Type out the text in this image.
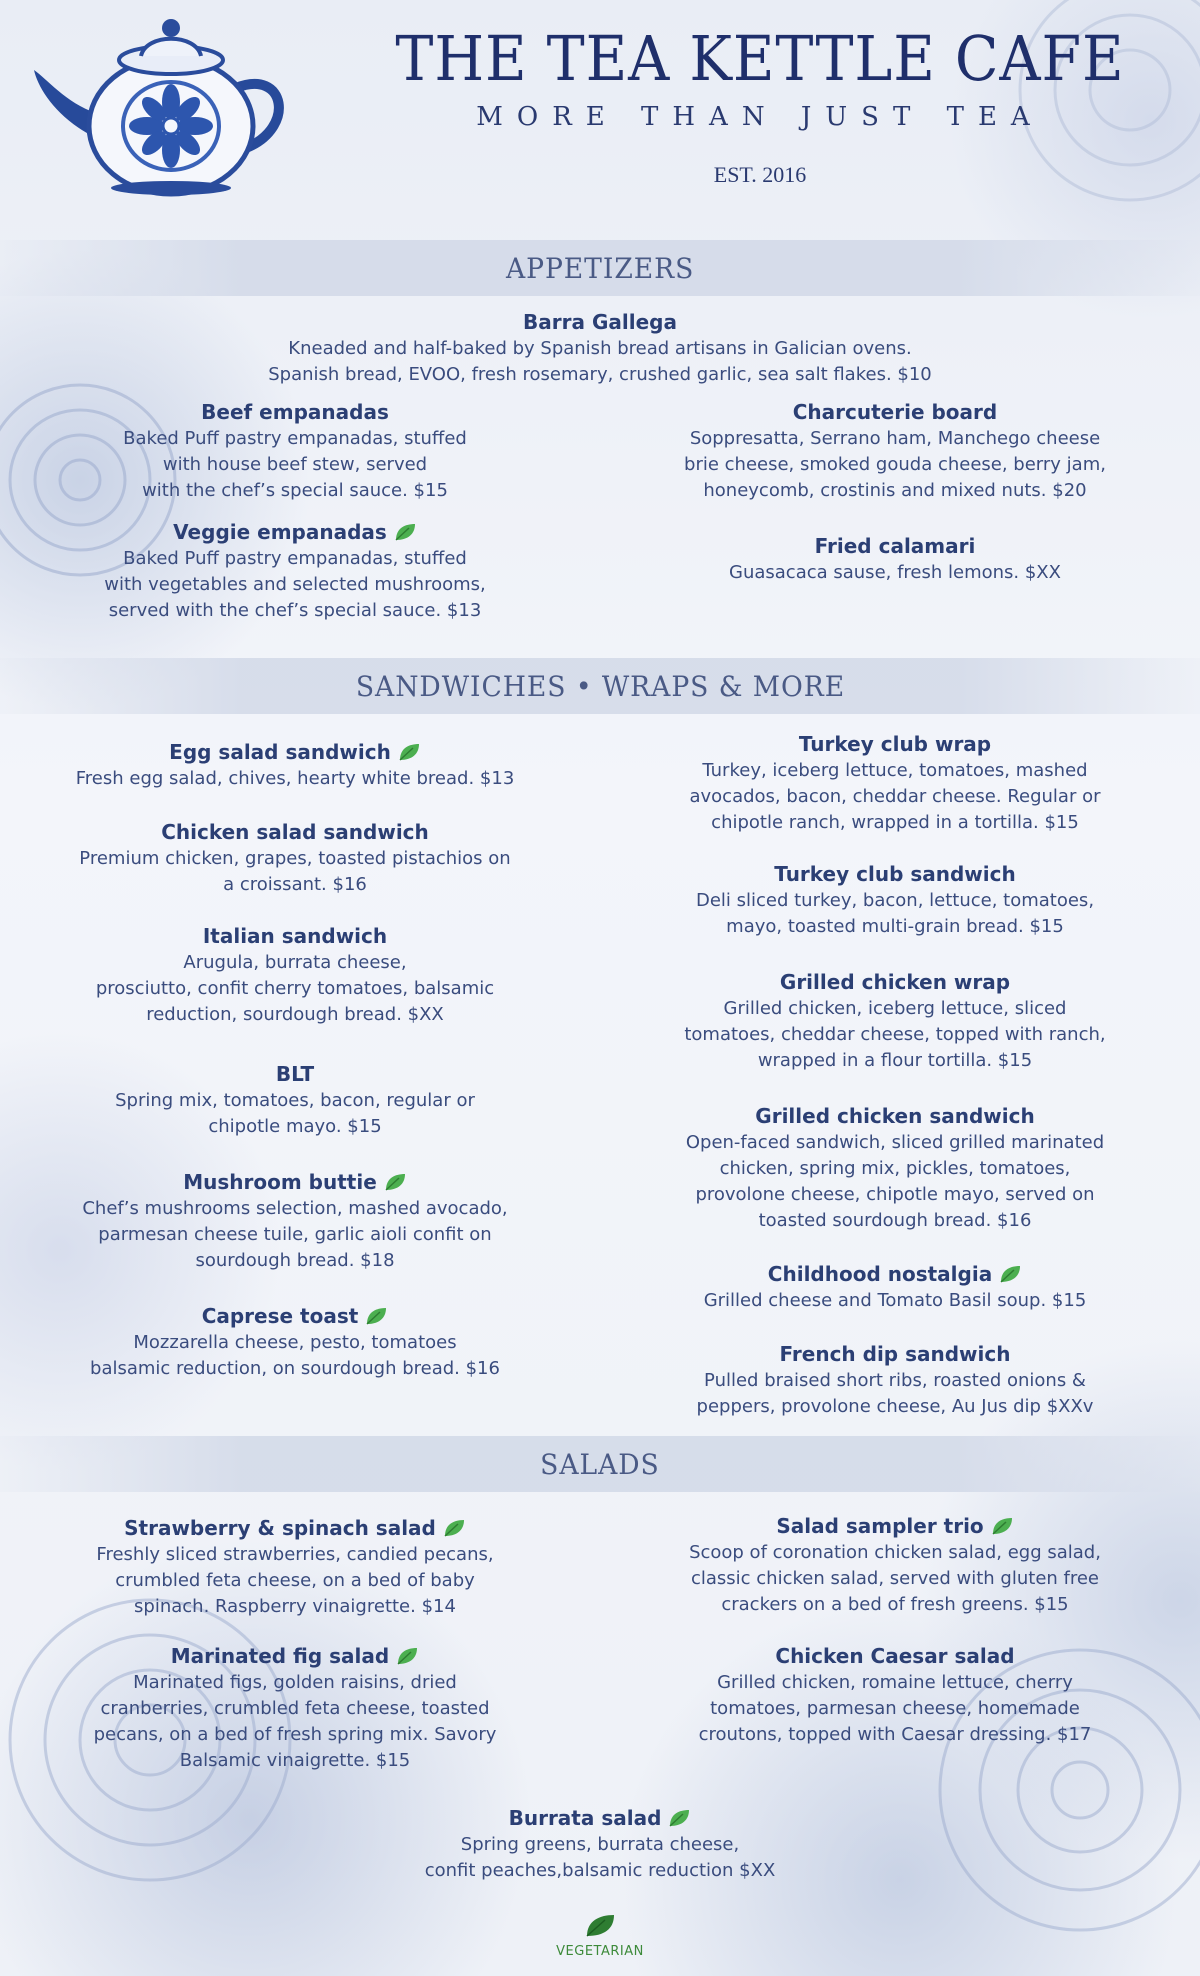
THE TEA KETTLE CAFE
MORE THAN JUST TEA
EST. 2016
APPETIZERS

Barra Gallega

Kneaded and half-baked by Spanish bread artisans in Galician ovens.
Spanish bread, EVOO, fresh rosemary, crushed garlic, sea salt flakes. $10

Beef empanadas

Baked Puff pastry empanadas, stuffed
with house beef stew, served
with the chef’s special sauce. $15

Veggie empanadas

Baked Puff pastry empanadas, stuffed
with vegetables and selected mushrooms,
served with the chef’s special sauce. $13

Charcuterie board

Soppresatta, Serrano ham, Manchego cheese
brie cheese, smoked gouda cheese, berry jam,
honeycomb, crostinis and mixed nuts. $20

Fried calamari

Guasacaca sause, fresh lemons. $XX

SANDWICHES • WRAPS & MORE

Egg salad sandwich

Fresh egg salad, chives, hearty white bread. $13

Chicken salad sandwich

Premium chicken, grapes, toasted pistachios on
a croissant. $16

Italian sandwich

Arugula, burrata cheese,
prosciutto, confit cherry tomatoes, balsamic
reduction, sourdough bread. $XX

BLT

Spring mix, tomatoes, bacon, regular or
chipotle mayo. $15

Mushroom buttie

Chef’s mushrooms selection, mashed avocado,
parmesan cheese tuile, garlic aioli confit on
sourdough bread. $18

Caprese toast

Mozzarella cheese, pesto, tomatoes
balsamic reduction, on sourdough bread. $16

Turkey club wrap

Turkey, iceberg lettuce, tomatoes, mashed
avocados, bacon, cheddar cheese. Regular or
chipotle ranch, wrapped in a tortilla. $15

Turkey club sandwich

Deli sliced turkey, bacon, lettuce, tomatoes,
mayo, toasted multi-grain bread. $15

Grilled chicken wrap

Grilled chicken, iceberg lettuce, sliced
tomatoes, cheddar cheese, topped with ranch,
wrapped in a flour tortilla. $15

Grilled chicken sandwich

Open-faced sandwich, sliced grilled marinated
chicken, spring mix, pickles, tomatoes,
provolone cheese, chipotle mayo, served on
toasted sourdough bread. $16

Childhood nostalgia

Grilled cheese and Tomato Basil soup. $15

French dip sandwich

Pulled braised short ribs, roasted onions &
peppers, provolone cheese, Au Jus dip $XXv

SALADS

Strawberry & spinach salad

Freshly sliced strawberries, candied pecans,
crumbled feta cheese, on a bed of baby
spinach. Raspberry vinaigrette. $14

Marinated fig salad

Marinated figs, golden raisins, dried
cranberries, crumbled feta cheese, toasted
pecans, on a bed of fresh spring mix. Savory
Balsamic vinaigrette. $15

Salad sampler trio

Scoop of coronation chicken salad, egg salad,
classic chicken salad, served with gluten free
crackers on a bed of fresh greens. $15

Chicken Caesar salad

Grilled chicken, romaine lettuce, cherry
tomatoes, parmesan cheese, homemade
croutons, topped with Caesar dressing. $17

Burrata salad

Spring greens, burrata cheese,
confit peaches,balsamic reduction $XX

VEGETARIAN
